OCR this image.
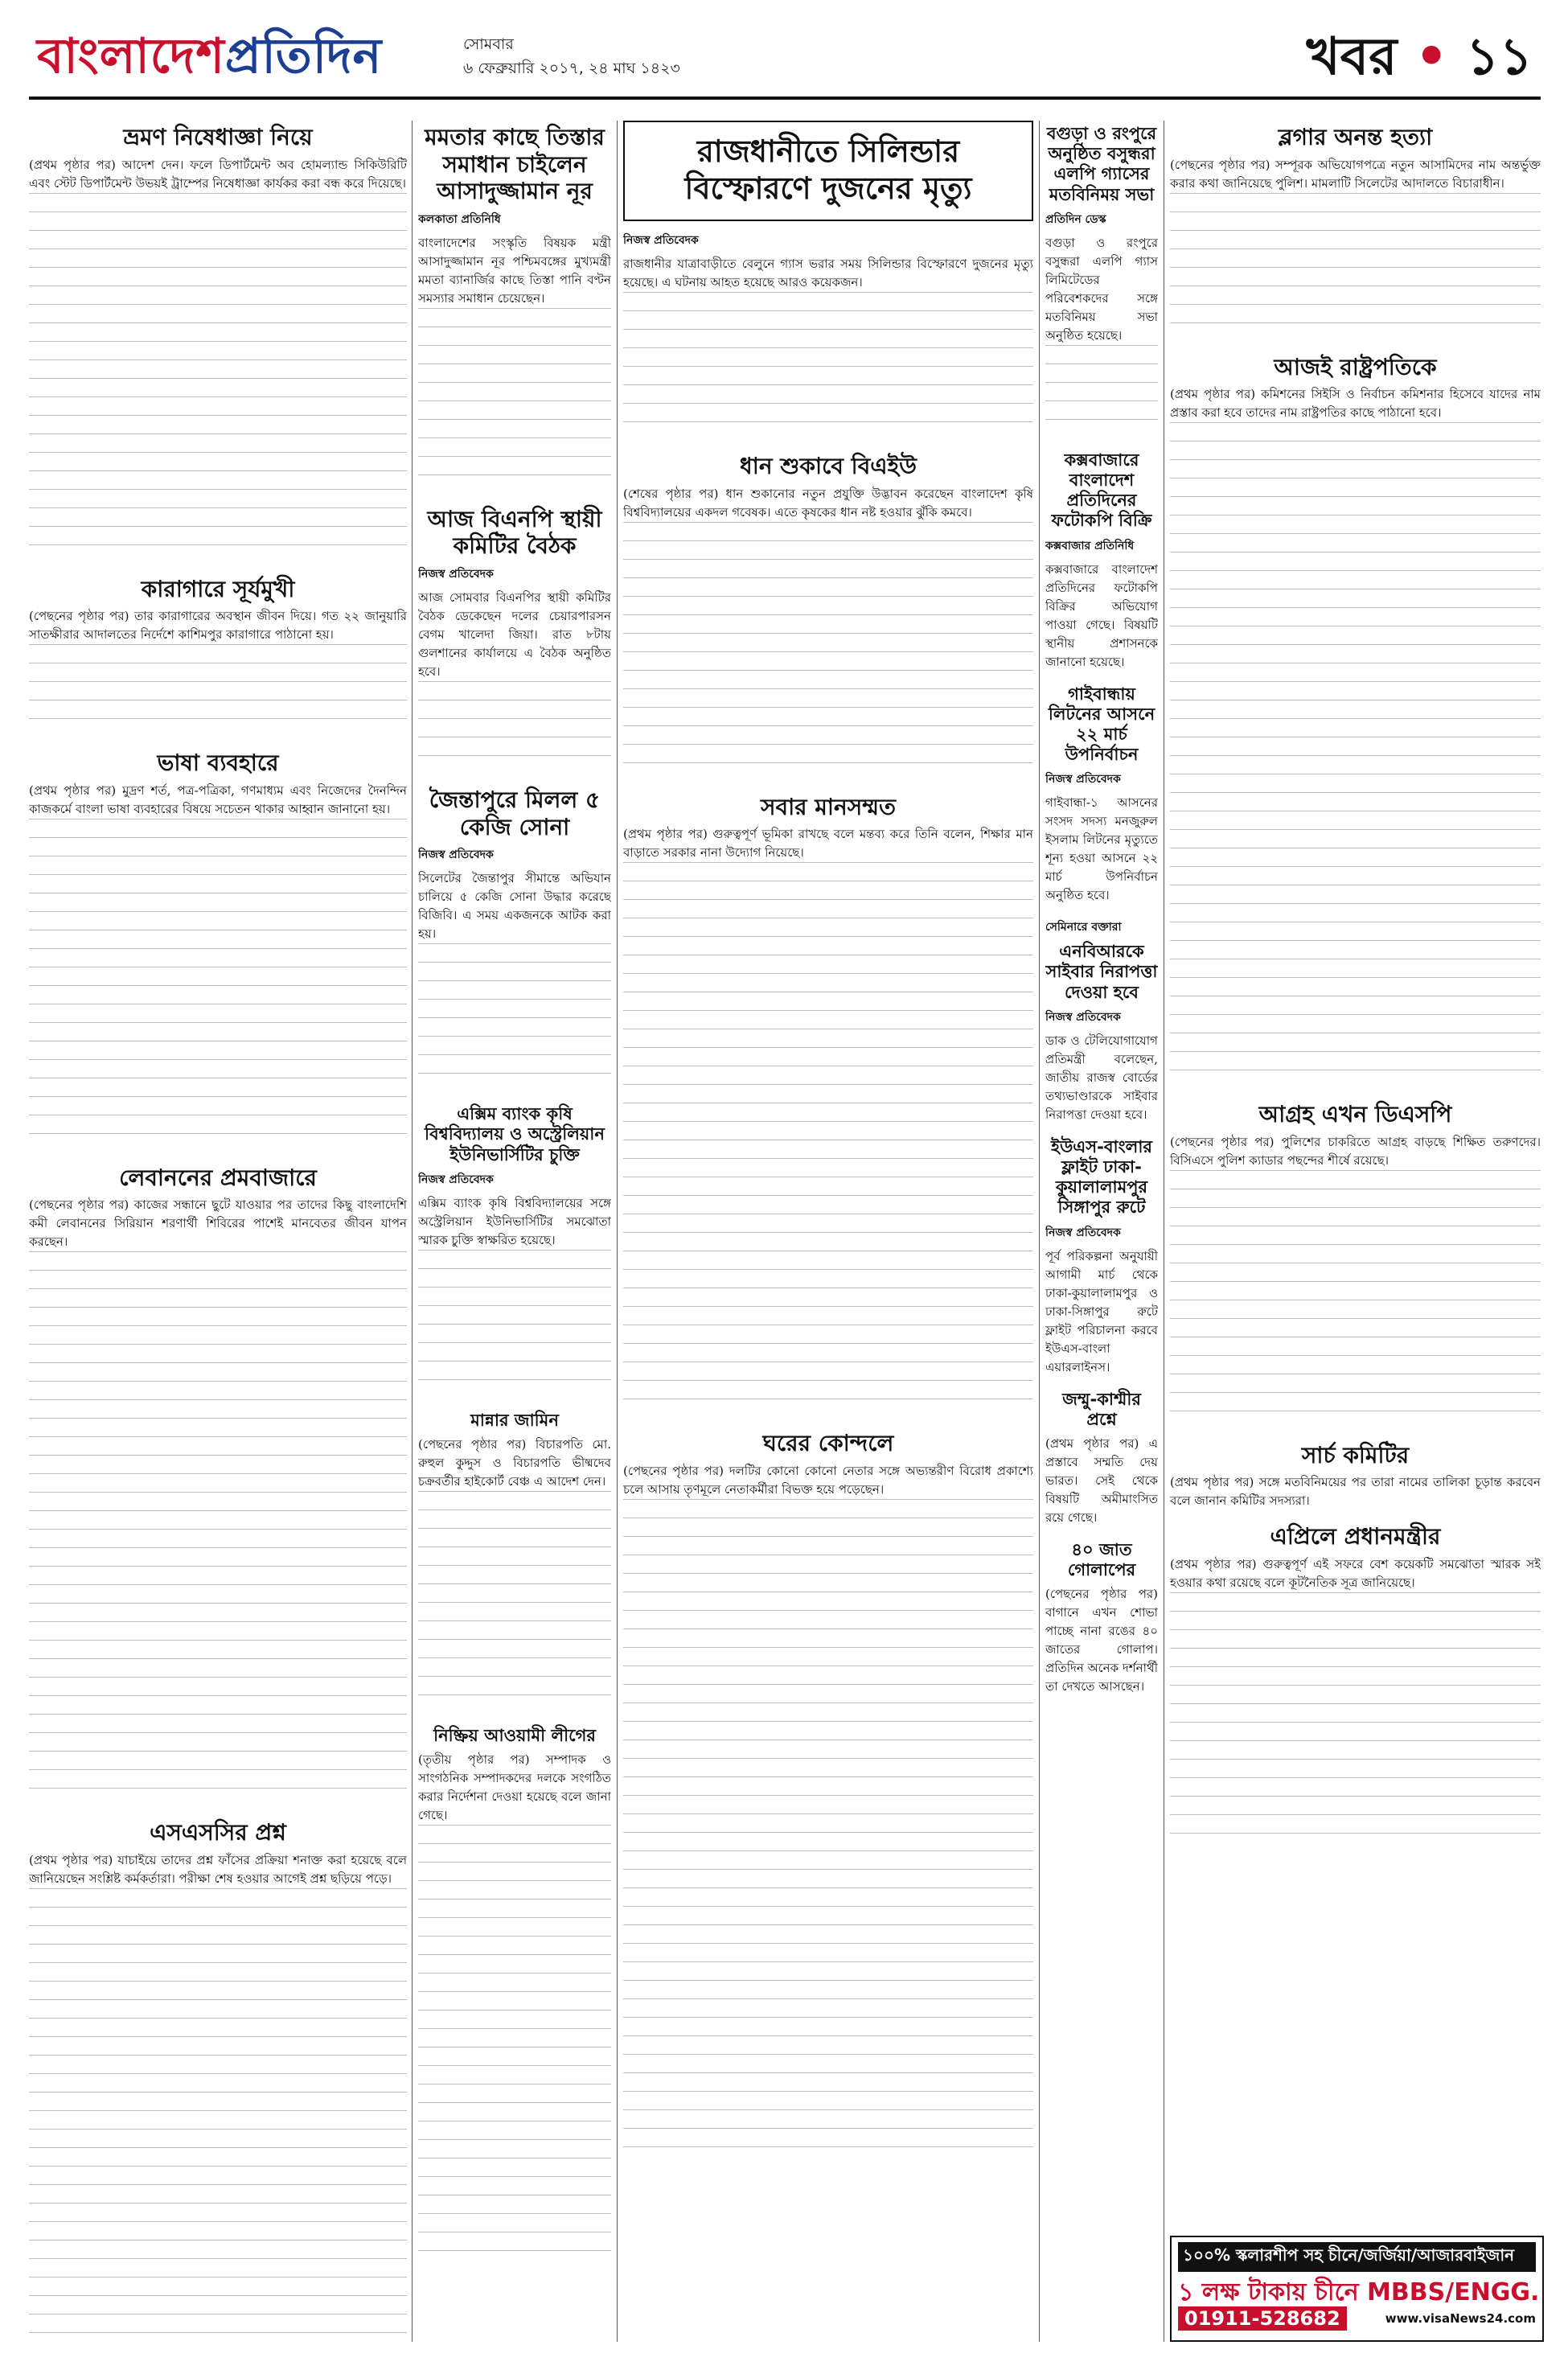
বাংলাদেশপ্রতিদিন	সোমবার
৬ ফেব্রুয়ারি ২০১৭, ২৪ মাঘ ১৪২৩	খবর • ১১
ভ্রমণ নিষেধাজ্ঞা নিয়ে

(প্রথম পৃষ্ঠার পর) আদেশ দেন। ফলে ডিপার্টমেন্ট অব হোমল্যান্ড সিকিউরিটি এবং স্টেট ডিপার্টমেন্ট উভয়ই ট্রাম্পের নিষেধাজ্ঞা কার্যকর করা বন্ধ করে দিয়েছে।

কারাগারে সূর্যমুখী

(পেছনের পৃষ্ঠার পর) তার কারাগারের অবস্থান জীবন দিয়ে। গত ২২ জানুয়ারি সাতক্ষীরার আদালতের নির্দেশে কাশিমপুর কারাগারে পাঠানো হয়।

ভাষা ব্যবহারে

(প্রথম পৃষ্ঠার পর) মুদ্রণ শর্ত, পত্র-পত্রিকা, গণমাধ্যম এবং নিজেদের দৈনন্দিন কাজকর্মে বাংলা ভাষা ব্যবহারের বিষয়ে সচেতন থাকার আহ্বান জানানো হয়।

লেবাননের প্রমবাজারে

(পেছনের পৃষ্ঠার পর) কাজের সন্ধানে ছুটে যাওয়ার পর তাদের কিছু বাংলাদেশি কমী লেবাননের সিরিয়ান শরণার্থী শিবিরের পাশেই মানবেতর জীবন যাপন করছেন।

এসএসসির প্রশ্ন

(প্রথম পৃষ্ঠার পর) যাচাইয়ে তাদের প্রশ্ন ফাঁসের প্রক্রিয়া শনাক্ত করা হয়েছে বলে জানিয়েছেন সংশ্লিষ্ট কর্মকর্তারা। পরীক্ষা শেষ হওয়ার আগেই প্রশ্ন ছড়িয়ে পড়ে।

মমতার কাছে তিস্তার সমাধান চাইলেন আসাদুজ্জামান নূর
কলকাতা প্রতিনিধি

বাংলাদেশের সংস্কৃতি বিষয়ক মন্ত্রী আসাদুজ্জামান নূর পশ্চিমবঙ্গের মুখ্যমন্ত্রী মমতা ব্যানার্জির কাছে তিস্তা পানি বণ্টন সমস্যার সমাধান চেয়েছেন।

আজ বিএনপি স্থায়ী কমিটির বৈঠক
নিজস্ব প্রতিবেদক

আজ সোমবার বিএনপির স্থায়ী কমিটির বৈঠক ডেকেছেন দলের চেয়ারপারসন বেগম খালেদা জিয়া। রাত ৮টায় গুলশানের কার্যালয়ে এ বৈঠক অনুষ্ঠিত হবে।

জৈন্তাপুরে মিলল ৫ কেজি সোনা
নিজস্ব প্রতিবেদক

সিলেটের জৈন্তাপুর সীমান্তে অভিযান চালিয়ে ৫ কেজি সোনা উদ্ধার করেছে বিজিবি। এ সময় একজনকে আটক করা হয়।

এক্সিম ব্যাংক কৃষি বিশ্ববিদ্যালয় ও অস্ট্রেলিয়ান ইউনিভার্সিটির চুক্তি
নিজস্ব প্রতিবেদক

এক্সিম ব্যাংক কৃষি বিশ্ববিদ্যালয়ের সঙ্গে অস্ট্রেলিয়ান ইউনিভার্সিটির সমঝোতা স্মারক চুক্তি স্বাক্ষরিত হয়েছে।

মান্নার জামিন

(পেছনের পৃষ্ঠার পর) বিচারপতি মো. রুহুল কুদ্দুস ও বিচারপতি ভীষ্মদেব চক্রবর্তীর হাইকোর্ট বেঞ্চ এ আদেশ দেন।

নিষ্ক্রিয় আওয়ামী লীগের

(তৃতীয় পৃষ্ঠার পর) সম্পাদক ও সাংগঠনিক সম্পাদকদের দলকে সংগঠিত করার নির্দেশনা দেওয়া হয়েছে বলে জানা গেছে।

রাজধানীতে সিলিন্ডার বিস্ফোরণে দুজনের মৃত্যু
নিজস্ব প্রতিবেদক

রাজধানীর যাত্রাবাড়ীতে বেলুনে গ্যাস ভরার সময় সিলিন্ডার বিস্ফোরণে দুজনের মৃত্যু হয়েছে। এ ঘটনায় আহত হয়েছে আরও কয়েকজন।

ধান শুকাবে বিএইউ

(শেষের পৃষ্ঠার পর) ধান শুকানোর নতুন প্রযুক্তি উদ্ভাবন করেছেন বাংলাদেশ কৃষি বিশ্ববিদ্যালয়ের একদল গবেষক। এতে কৃষকের ধান নষ্ট হওয়ার ঝুঁকি কমবে।

সবার মানসম্মত

(প্রথম পৃষ্ঠার পর) গুরুত্বপূর্ণ ভূমিকা রাখছে বলে মন্তব্য করে তিনি বলেন, শিক্ষার মান বাড়াতে সরকার নানা উদ্যোগ নিয়েছে।

ঘরের কোন্দলে

(পেছনের পৃষ্ঠার পর) দলটির কোনো কোনো নেতার সঙ্গে অভ্যন্তরীণ বিরোধ প্রকাশ্যে চলে আসায় তৃণমূলে নেতাকর্মীরা বিভক্ত হয়ে পড়েছেন।

বগুড়া ও রংপুরে অনুষ্ঠিত বসুন্ধরা এলপি গ্যাসের মতবিনিময় সভা
প্রতিদিন ডেস্ক

বগুড়া ও রংপুরে বসুন্ধরা এলপি গ্যাস লিমিটেডের পরিবেশকদের সঙ্গে মতবিনিময় সভা অনুষ্ঠিত হয়েছে।

কক্সবাজারে বাংলাদেশ প্রতিদিনের ফটোকপি বিক্রি
কক্সবাজার প্রতিনিধি

কক্সবাজারে বাংলাদেশ প্রতিদিনের ফটোকপি বিক্রির অভিযোগ পাওয়া গেছে। বিষয়টি স্থানীয় প্রশাসনকে জানানো হয়েছে।

গাইবান্ধায় লিটনের আসনে ২২ মার্চ উপনির্বাচন
নিজস্ব প্রতিবেদক

গাইবান্ধা-১ আসনের সংসদ সদস্য মনজুরুল ইসলাম লিটনের মৃত্যুতে শূন্য হওয়া আসনে ২২ মার্চ উপনির্বাচন অনুষ্ঠিত হবে।

সেমিনারে বক্তারা
এনবিআরকে সাইবার নিরাপত্তা দেওয়া হবে
নিজস্ব প্রতিবেদক

ডাক ও টেলিযোগাযোগ প্রতিমন্ত্রী বলেছেন, জাতীয় রাজস্ব বোর্ডের তথ্যভাণ্ডারকে সাইবার নিরাপত্তা দেওয়া হবে।

ইউএস-বাংলার ফ্লাইট ঢাকা-কুয়ালালামপুর সিঙ্গাপুর রুটে
নিজস্ব প্রতিবেদক

পূর্ব পরিকল্পনা অনুযায়ী আগামী মার্চ থেকে ঢাকা-কুয়ালালামপুর ও ঢাকা-সিঙ্গাপুর রুটে ফ্লাইট পরিচালনা করবে ইউএস-বাংলা এয়ারলাইনস।

জম্মু-কাশ্মীর প্রশ্নে

(প্রথম পৃষ্ঠার পর) এ প্রস্তাবে সম্মতি দেয় ভারত। সেই থেকে বিষয়টি অমীমাংসিত রয়ে গেছে।

৪০ জাত গোলাপের

(পেছনের পৃষ্ঠার পর) বাগানে এখন শোভা পাচ্ছে নানা রঙের ৪০ জাতের গোলাপ। প্রতিদিন অনেক দর্শনার্থী তা দেখতে আসছেন।

ব্লগার অনন্ত হত্যা

(পেছনের পৃষ্ঠার পর) সম্পূরক অভিযোগপত্রে নতুন আসামিদের নাম অন্তর্ভুক্ত করার কথা জানিয়েছে পুলিশ। মামলাটি সিলেটের আদালতে বিচারাধীন।

আজই রাষ্ট্রপতিকে

(প্রথম পৃষ্ঠার পর) কমিশনের সিইসি ও নির্বাচন কমিশনার হিসেবে যাদের নাম প্রস্তাব করা হবে তাদের নাম রাষ্ট্রপতির কাছে পাঠানো হবে।

আগ্রহ এখন ডিএসপি

(পেছনের পৃষ্ঠার পর) পুলিশের চাকরিতে আগ্রহ বাড়ছে শিক্ষিত তরুণদের। বিসিএসে পুলিশ ক্যাডার পছন্দের শীর্ষে রয়েছে।

সার্চ কমিটির

(প্রথম পৃষ্ঠার পর) সঙ্গে মতবিনিময়ের পর তারা নামের তালিকা চূড়ান্ত করবেন বলে জানান কমিটির সদস্যরা।

এপ্রিলে প্রধানমন্ত্রীর

(প্রথম পৃষ্ঠার পর) গুরুত্বপূর্ণ এই সফরে বেশ কয়েকটি সমঝোতা স্মারক সই হওয়ার কথা রয়েছে বলে কূটনৈতিক সূত্র জানিয়েছে।

১০০% স্কলারশীপ সহ চীনে/জর্জিয়া/আজারবাইজান
১ লক্ষ টাকায় চীনে MBBS/ENGG.
01911-528682	www.visaNews24.com
